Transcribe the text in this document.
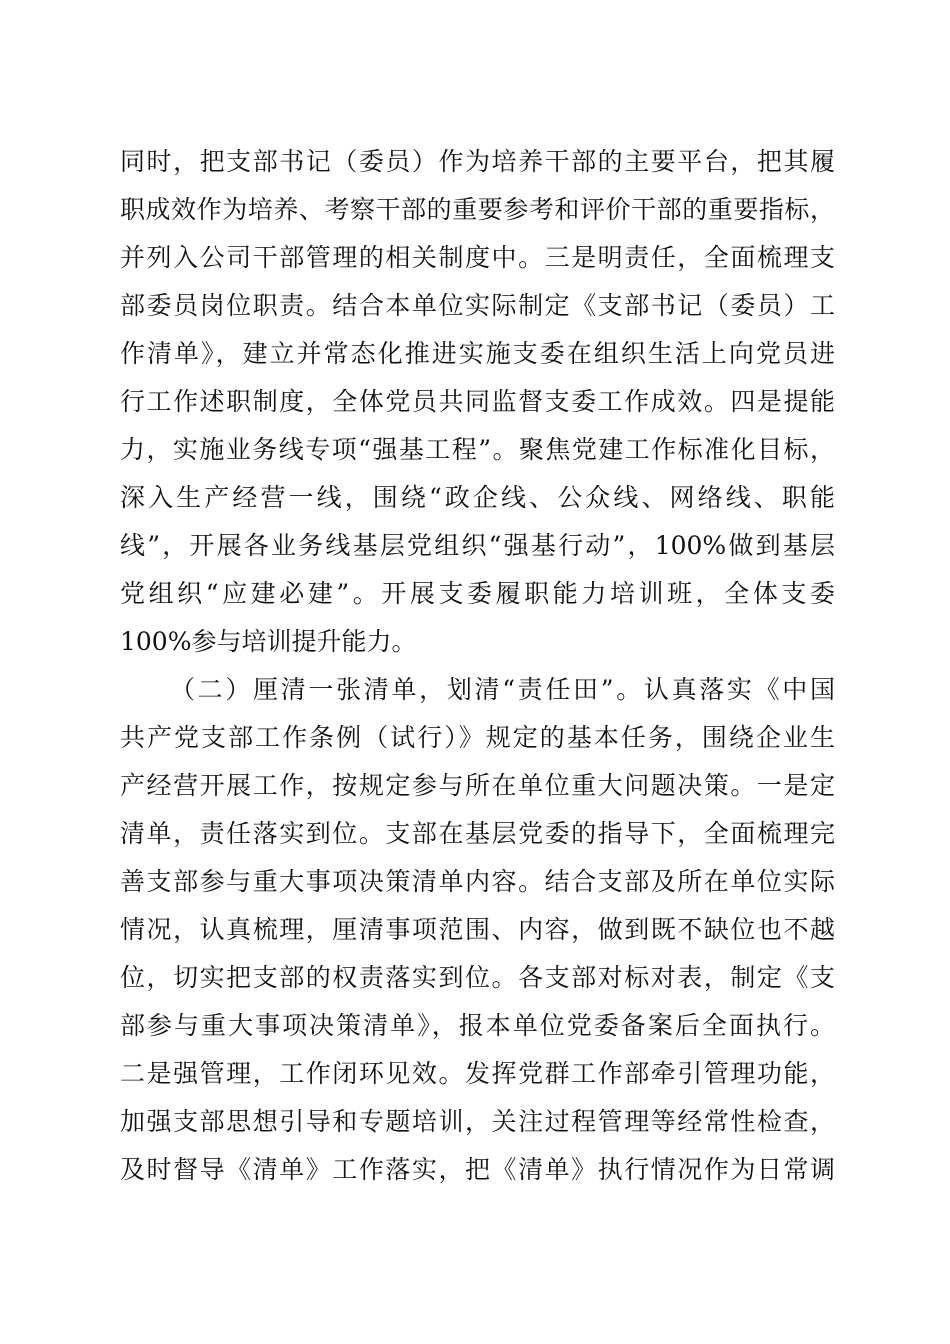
同时，把支部书记（委员）作为培养干部的主要平台，把其履
职成效作为培养、考察干部的重要参考和评价干部的重要指标，
并列入公司干部管理的相关制度中。三是明责任，全面梳理支
部委员岗位职责。结合本单位实际制定《支部书记（委员）工
作清单》，建立并常态化推进实施支委在组织生活上向党员进
行工作述职制度，全体党员共同监督支委工作成效。四是提能
力，实施业务线专项“强基工程”。聚焦党建工作标准化目标，
深入生产经营一线，围绕“政企线、公众线、网络线、职能
线”，开展各业务线基层党组织“强基行动”，100%做到基层
党组织“应建必建”。开展支委履职能力培训班，全体支委
100%参与培训提升能力。
（二）厘清一张清单，划清“责任田”。认真落实《中国
共产党支部工作条例（试行）》规定的基本任务，围绕企业生
产经营开展工作，按规定参与所在单位重大问题决策。一是定
清单，责任落实到位。支部在基层党委的指导下，全面梳理完
善支部参与重大事项决策清单内容。结合支部及所在单位实际
情况，认真梳理，厘清事项范围、内容，做到既不缺位也不越
位，切实把支部的权责落实到位。各支部对标对表，制定《支
部参与重大事项决策清单》，报本单位党委备案后全面执行。
二是强管理，工作闭环见效。发挥党群工作部牵引管理功能，
加强支部思想引导和专题培训，关注过程管理等经常性检查，
及时督导《清单》工作落实，把《清单》执行情况作为日常调
